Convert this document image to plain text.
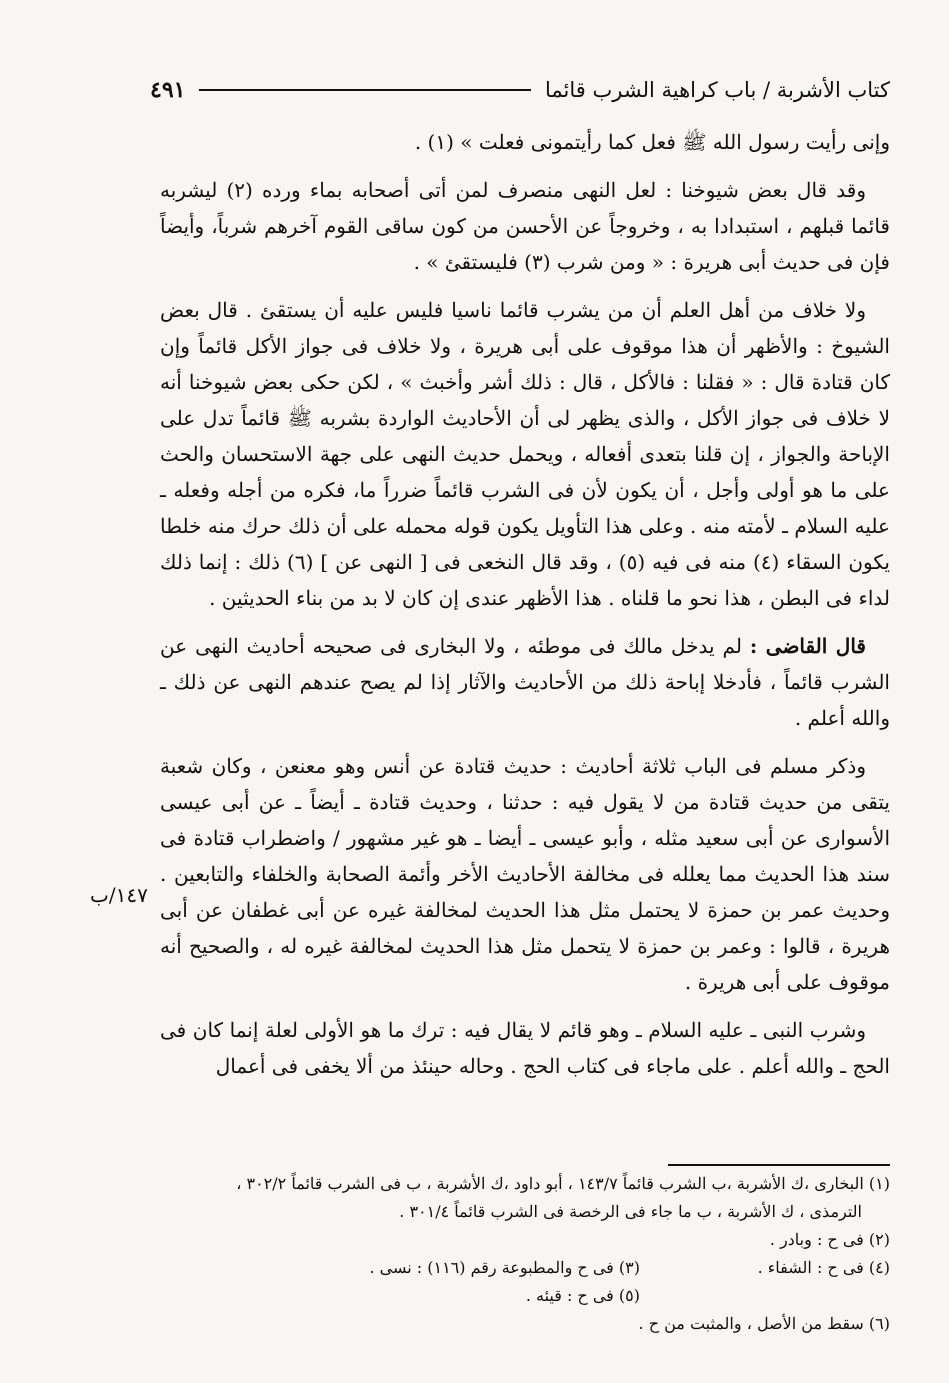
كتاب الأشربة / باب كراهية الشرب قائما
٤٩١

وإنى رأيت رسول الله ﷺ فعل كما رأيتمونى فعلت » (١) .

وقد قال بعض شيوخنا : لعل النهى منصرف لمن أتى أصحابه بماء ورده (٢) ليشربه قائما قبلهم ، استبدادا به ، وخروجاً عن الأحسن من كون ساقى القوم آخرهم شرباً، وأيضاً فإن فى حديث أبى هريرة : « ومن شرب (٣) فليستقئ » .

ولا خلاف من أهل العلم أن من يشرب قائما ناسيا فليس عليه أن يستقئ . قال بعض الشيوخ : والأظهر أن هذا موقوف على أبى هريرة ، ولا خلاف فى جواز الأكل قائماً وإن كان قتادة قال : « فقلنا : فالأكل ، قال : ذلك أشر وأخبث » ، لكن حكى بعض شيوخنا أنه لا خلاف فى جواز الأكل ، والذى يظهر لى أن الأحاديث الواردة بشربه ﷺ قائماً تدل على الإباحة والجواز ، إن قلنا بتعدى أفعاله ، ويحمل حديث النهى على جهة الاستحسان والحث على ما هو أولى وأجل ، أن يكون لأن فى الشرب قائماً ضرراً ما، فكره من أجله وفعله ـ عليه السلام ـ لأمته منه . وعلى هذا التأويل يكون قوله محمله على أن ذلك حرك منه خلطا يكون السقاء (٤) منه فى فيه (٥) ، وقد قال النخعى فى [ النهى عن ] (٦) ذلك : إنما ذلك لداء فى البطن ، هذا نحو ما قلناه . هذا الأظهر عندى إن كان لا بد من بناء الحديثين .

قال القاضى : لم يدخل مالك فى موطئه ، ولا البخارى فى صحيحه أحاديث النهى عن الشرب قائماً ، فأدخلا إباحة ذلك من الأحاديث والآثار إذا لم يصح عندهم النهى عن ذلك ـ والله أعلم .

وذكر مسلم فى الباب ثلاثة أحاديث : حديث قتادة عن أنس وهو معنعن ، وكان شعبة يتقى من حديث قتادة من لا يقول فيه : حدثنا ، وحديث قتادة ـ أيضاً ـ عن أبى عيسى الأسوارى عن أبى سعيد مثله ، وأبو عيسى ـ أيضا ـ هو غير مشهور / واضطراب قتادة فى سند هذا الحديث مما يعلله فى مخالفة الأحاديث الأخر وأئمة الصحابة والخلفاء والتابعين . وحديث عمر بن حمزة لا يحتمل مثل هذا الحديث لمخالفة غيره عن أبى غطفان عن أبى هريرة ، قالوا : وعمر بن حمزة لا يتحمل مثل هذا الحديث لمخالفة غيره له ، والصحيح أنه موقوف على أبى هريرة .

وشرب النبى ـ عليه السلام ـ وهو قائم لا يقال فيه : ترك ما هو الأولى لعلة إنما كان فى الحج ـ والله أعلم . على ماجاء فى كتاب الحج . وحاله حينئذ من ألا يخفى فى أعمال

١٤٧/ب

(١) البخارى ،ك الأشربة ،ب الشرب قائماً ١٤٣/٧ ، أبو داود ،ك الأشربة ، ب فى الشرب قائماً ٣٠٢/٢ ،

الترمذى ، ك الأشربة ، ب ما جاء فى الرخصة فى الشرب قائماً ٣٠١/٤ .

(٢) فى ح : وبادر .

(٤) فى ح : الشفاء .
(٣) فى ح والمطبوعة رقم (١١٦) : نسى .
(٥) فى ح : قيئه .

(٦) سقط من الأصل ، والمثبت من ح .
